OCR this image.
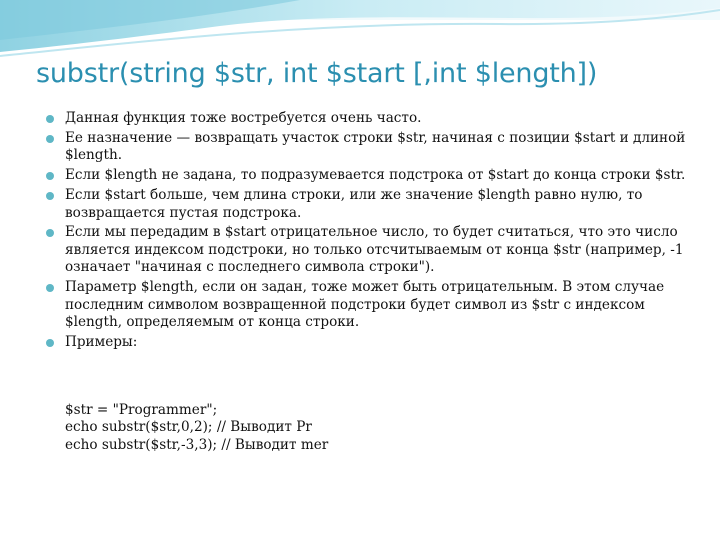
substr(string $str, int $start [,int $length])
Данная функция тоже востребуется очень часто.
Ее назначение — возвращать участок строки $str, начиная с позиции $start и длиной $length.
Если $length не задана, то подразумевается подстрока от $start до конца строки $str.
Если $start больше, чем длина строки, или же значение $length равно нулю, то возвращается пустая подстрока.
Если мы передадим в $start отрицательное число, то будет считаться, что это число является индексом подстроки, но только отсчитываемым от конца $str (например, -1 означает "начиная с последнего символа строки").
Параметр $length, если он задан, тоже может быть отрицательным. В этом случае последним символом возвращенной подстроки будет символ из $str с индексом $length, определяемым от конца строки.
Примеры:
$str = "Programmer";
echo substr($str,0,2); // Выводит Pr
echo substr($str,-3,3); // Выводит mer
